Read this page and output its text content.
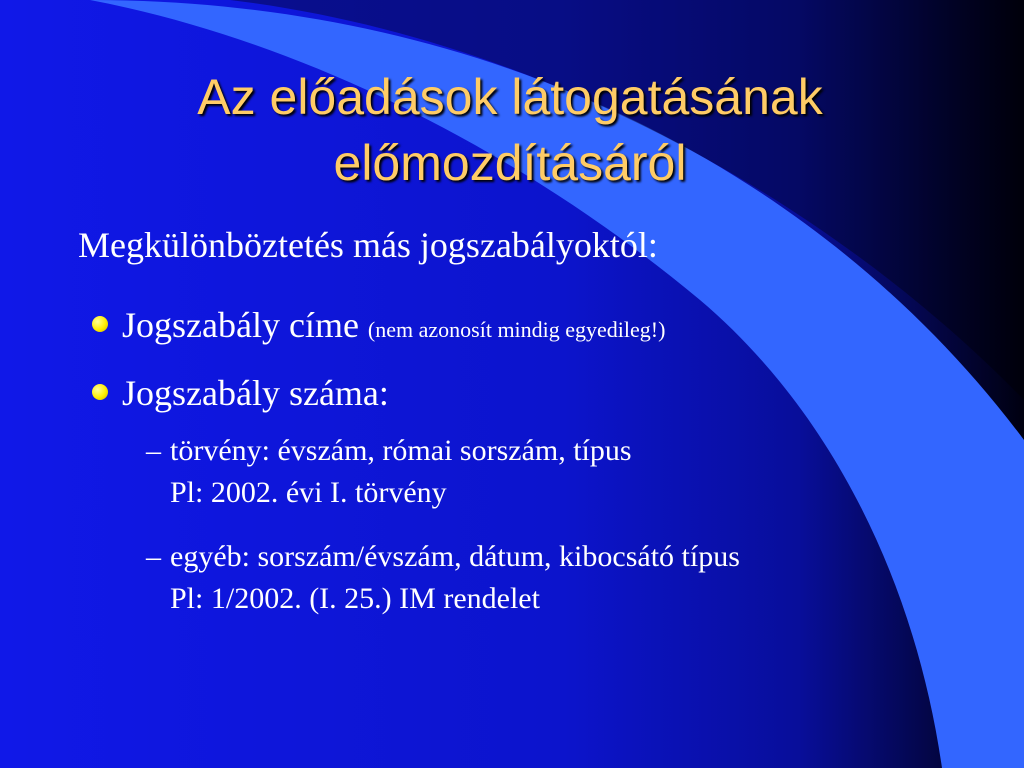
Az előadások látogatásának
előmozdításáról
Megkülönböztetés más jogszabályoktól:
Jogszabály címe (nem azonosít mindig egyedileg!)
Jogszabály száma:
– törvény: évszám, római sorszám, típus
Pl: 2002. évi I. törvény
– egyéb: sorszám/évszám, dátum, kibocsátó típus
Pl: 1/2002. (I. 25.) IM rendelet
